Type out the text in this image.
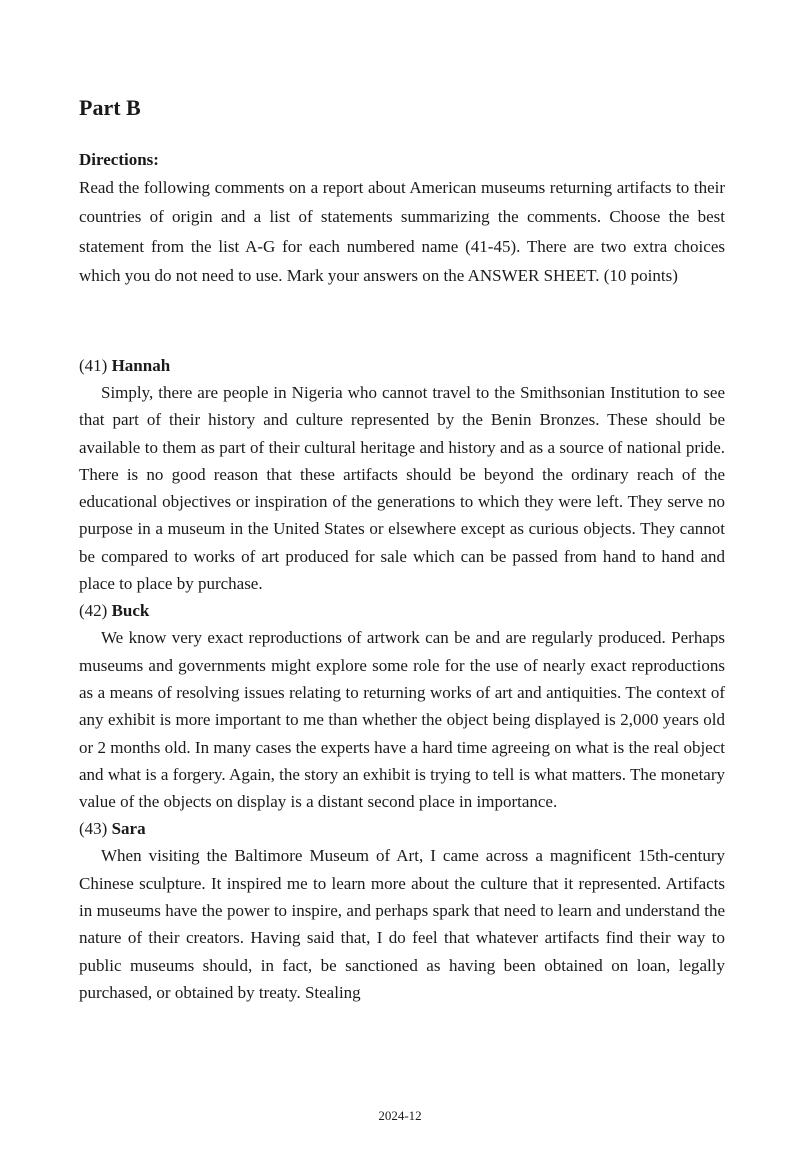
Part B
Directions:

Read the following comments on a report about American museums returning artifacts to their countries of origin and a list of statements summarizing the comments. Choose the best statement from the list A-G for each numbered name (41-45). There are two extra choices which you do not need to use. Mark your answers on the ANSWER SHEET. (10 points)

(41) Hannah

Simply, there are people in Nigeria who cannot travel to the Smithsonian Institution to see that part of their history and culture represented by the Benin Bronzes. These should be available to them as part of their cultural heritage and history and as a source of national pride. There is no good reason that these artifacts should be beyond the ordinary reach of the educational objectives or inspiration of the generations to which they were left. They serve no purpose in a museum in the United States or elsewhere except as curious objects. They cannot be compared to works of art produced for sale which can be passed from hand to hand and place to place by purchase.

(42) Buck

We know very exact reproductions of artwork can be and are regularly produced. Perhaps museums and governments might explore some role for the use of nearly exact reproductions as a means of resolving issues relating to returning works of art and antiquities. The context of any exhibit is more important to me than whether the object being displayed is 2,000 years old or 2 months old. In many cases the experts have a hard time agreeing on what is the real object and what is a forgery. Again, the story an exhibit is trying to tell is what matters. The monetary value of the objects on display is a distant second place in importance.

(43) Sara

When visiting the Baltimore Museum of Art, I came across a magnificent 15th-century Chinese sculpture. It inspired me to learn more about the culture that it represented. Artifacts in museums have the power to inspire, and perhaps spark that need to learn and understand the nature of their creators. Having said that, I do feel that whatever artifacts find their way to public museums should, in fact, be sanctioned as having been obtained on loan, legally purchased, or obtained by treaty. Stealing

2024-12
